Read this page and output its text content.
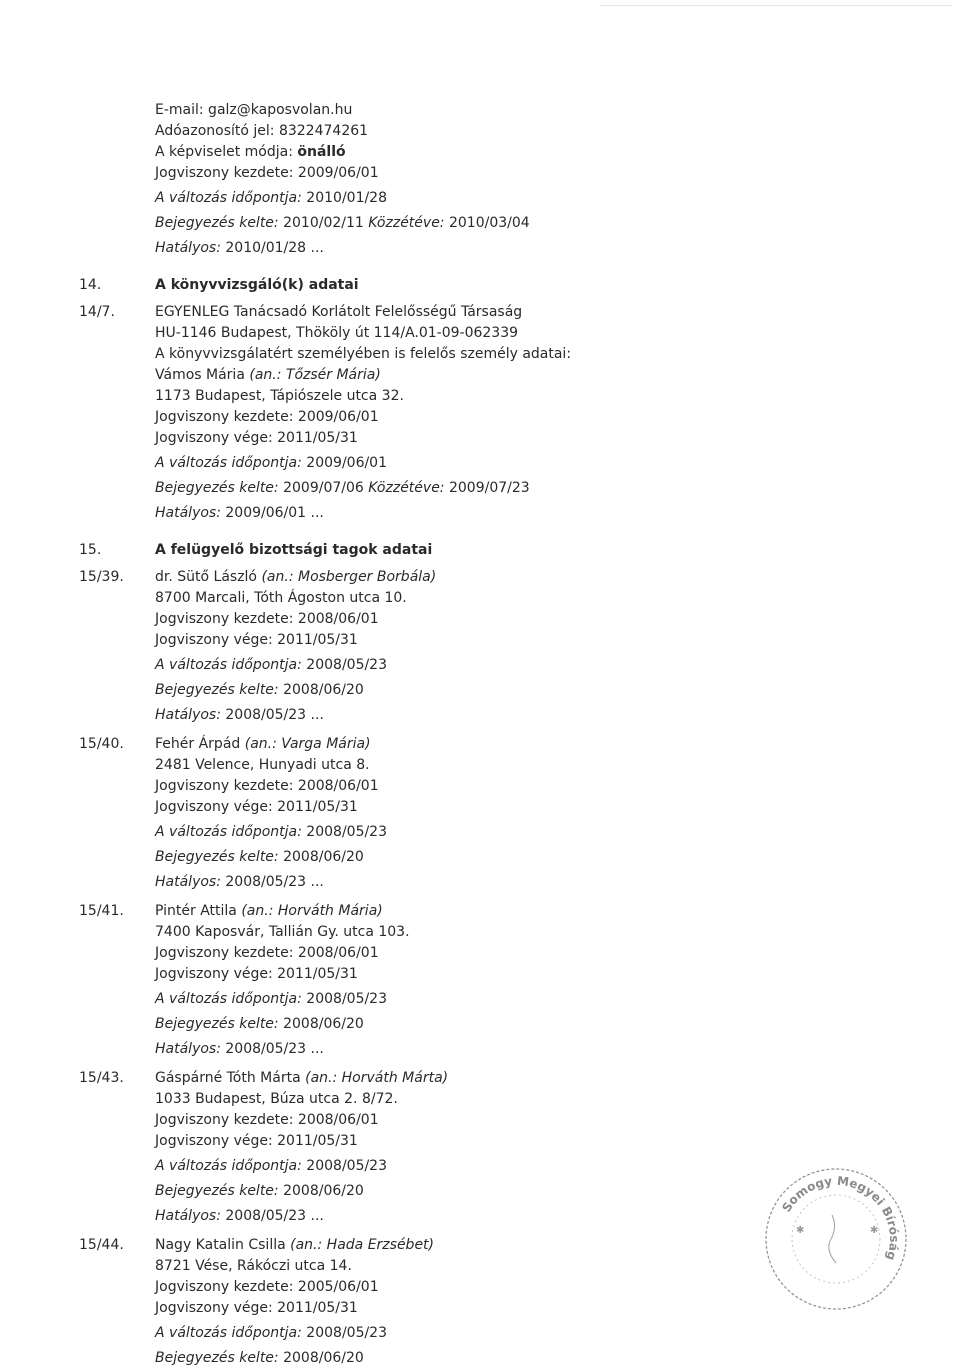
E-mail: galz@kaposvolan.hu
Adóazonosító jel: 8322474261
A képviselet módja: önálló
Jogviszony kezdete: 2009/06/01
A változás időpontja: 2010/01/28
Bejegyezés kelte: 2010/02/11 Közzétéve: 2010/03/04
Hatályos: 2010/01/28 ...
14.	A könyvvizsgáló(k) adatai
14/7.	EGYENLEG Tanácsadó Korlátolt Felelősségű Társaság
HU-1146 Budapest, Thököly út 114/A.01-09-062339
A könyvvizsgálatért személyében is felelős személy adatai:
Vámos Mária (an.: Tőzsér Mária)
1173 Budapest, Tápiószele utca 32.
Jogviszony kezdete: 2009/06/01
Jogviszony vége: 2011/05/31
A változás időpontja: 2009/06/01
Bejegyezés kelte: 2009/07/06 Közzétéve: 2009/07/23
Hatályos: 2009/06/01 ...
15.	A felügyelő bizottsági tagok adatai
15/39.	dr. Sütő László (an.: Mosberger Borbála)
8700 Marcali, Tóth Ágoston utca 10.
Jogviszony kezdete: 2008/06/01
Jogviszony vége: 2011/05/31
A változás időpontja: 2008/05/23
Bejegyezés kelte: 2008/06/20
Hatályos: 2008/05/23 ...
15/40.	Fehér Árpád (an.: Varga Mária)
2481 Velence, Hunyadi utca 8.
Jogviszony kezdete: 2008/06/01
Jogviszony vége: 2011/05/31
A változás időpontja: 2008/05/23
Bejegyezés kelte: 2008/06/20
Hatályos: 2008/05/23 ...
15/41.	Pintér Attila (an.: Horváth Mária)
7400 Kaposvár, Tallián Gy. utca 103.
Jogviszony kezdete: 2008/06/01
Jogviszony vége: 2011/05/31
A változás időpontja: 2008/05/23
Bejegyezés kelte: 2008/06/20
Hatályos: 2008/05/23 ...
15/43.	Gáspárné Tóth Márta (an.: Horváth Márta)
1033 Budapest, Búza utca 2. 8/72.
Jogviszony kezdete: 2008/06/01
Jogviszony vége: 2011/05/31
A változás időpontja: 2008/05/23
Bejegyezés kelte: 2008/06/20
Hatályos: 2008/05/23 ...
15/44.	Nagy Katalin Csilla (an.: Hada Erzsébet)
8721 Vése, Rákóczi utca 14.
Jogviszony kezdete: 2005/06/01
Jogviszony vége: 2011/05/31
A változás időpontja: 2008/05/23
Bejegyezés kelte: 2008/06/20
Somogy Megyei Bíróság
✱	✱
